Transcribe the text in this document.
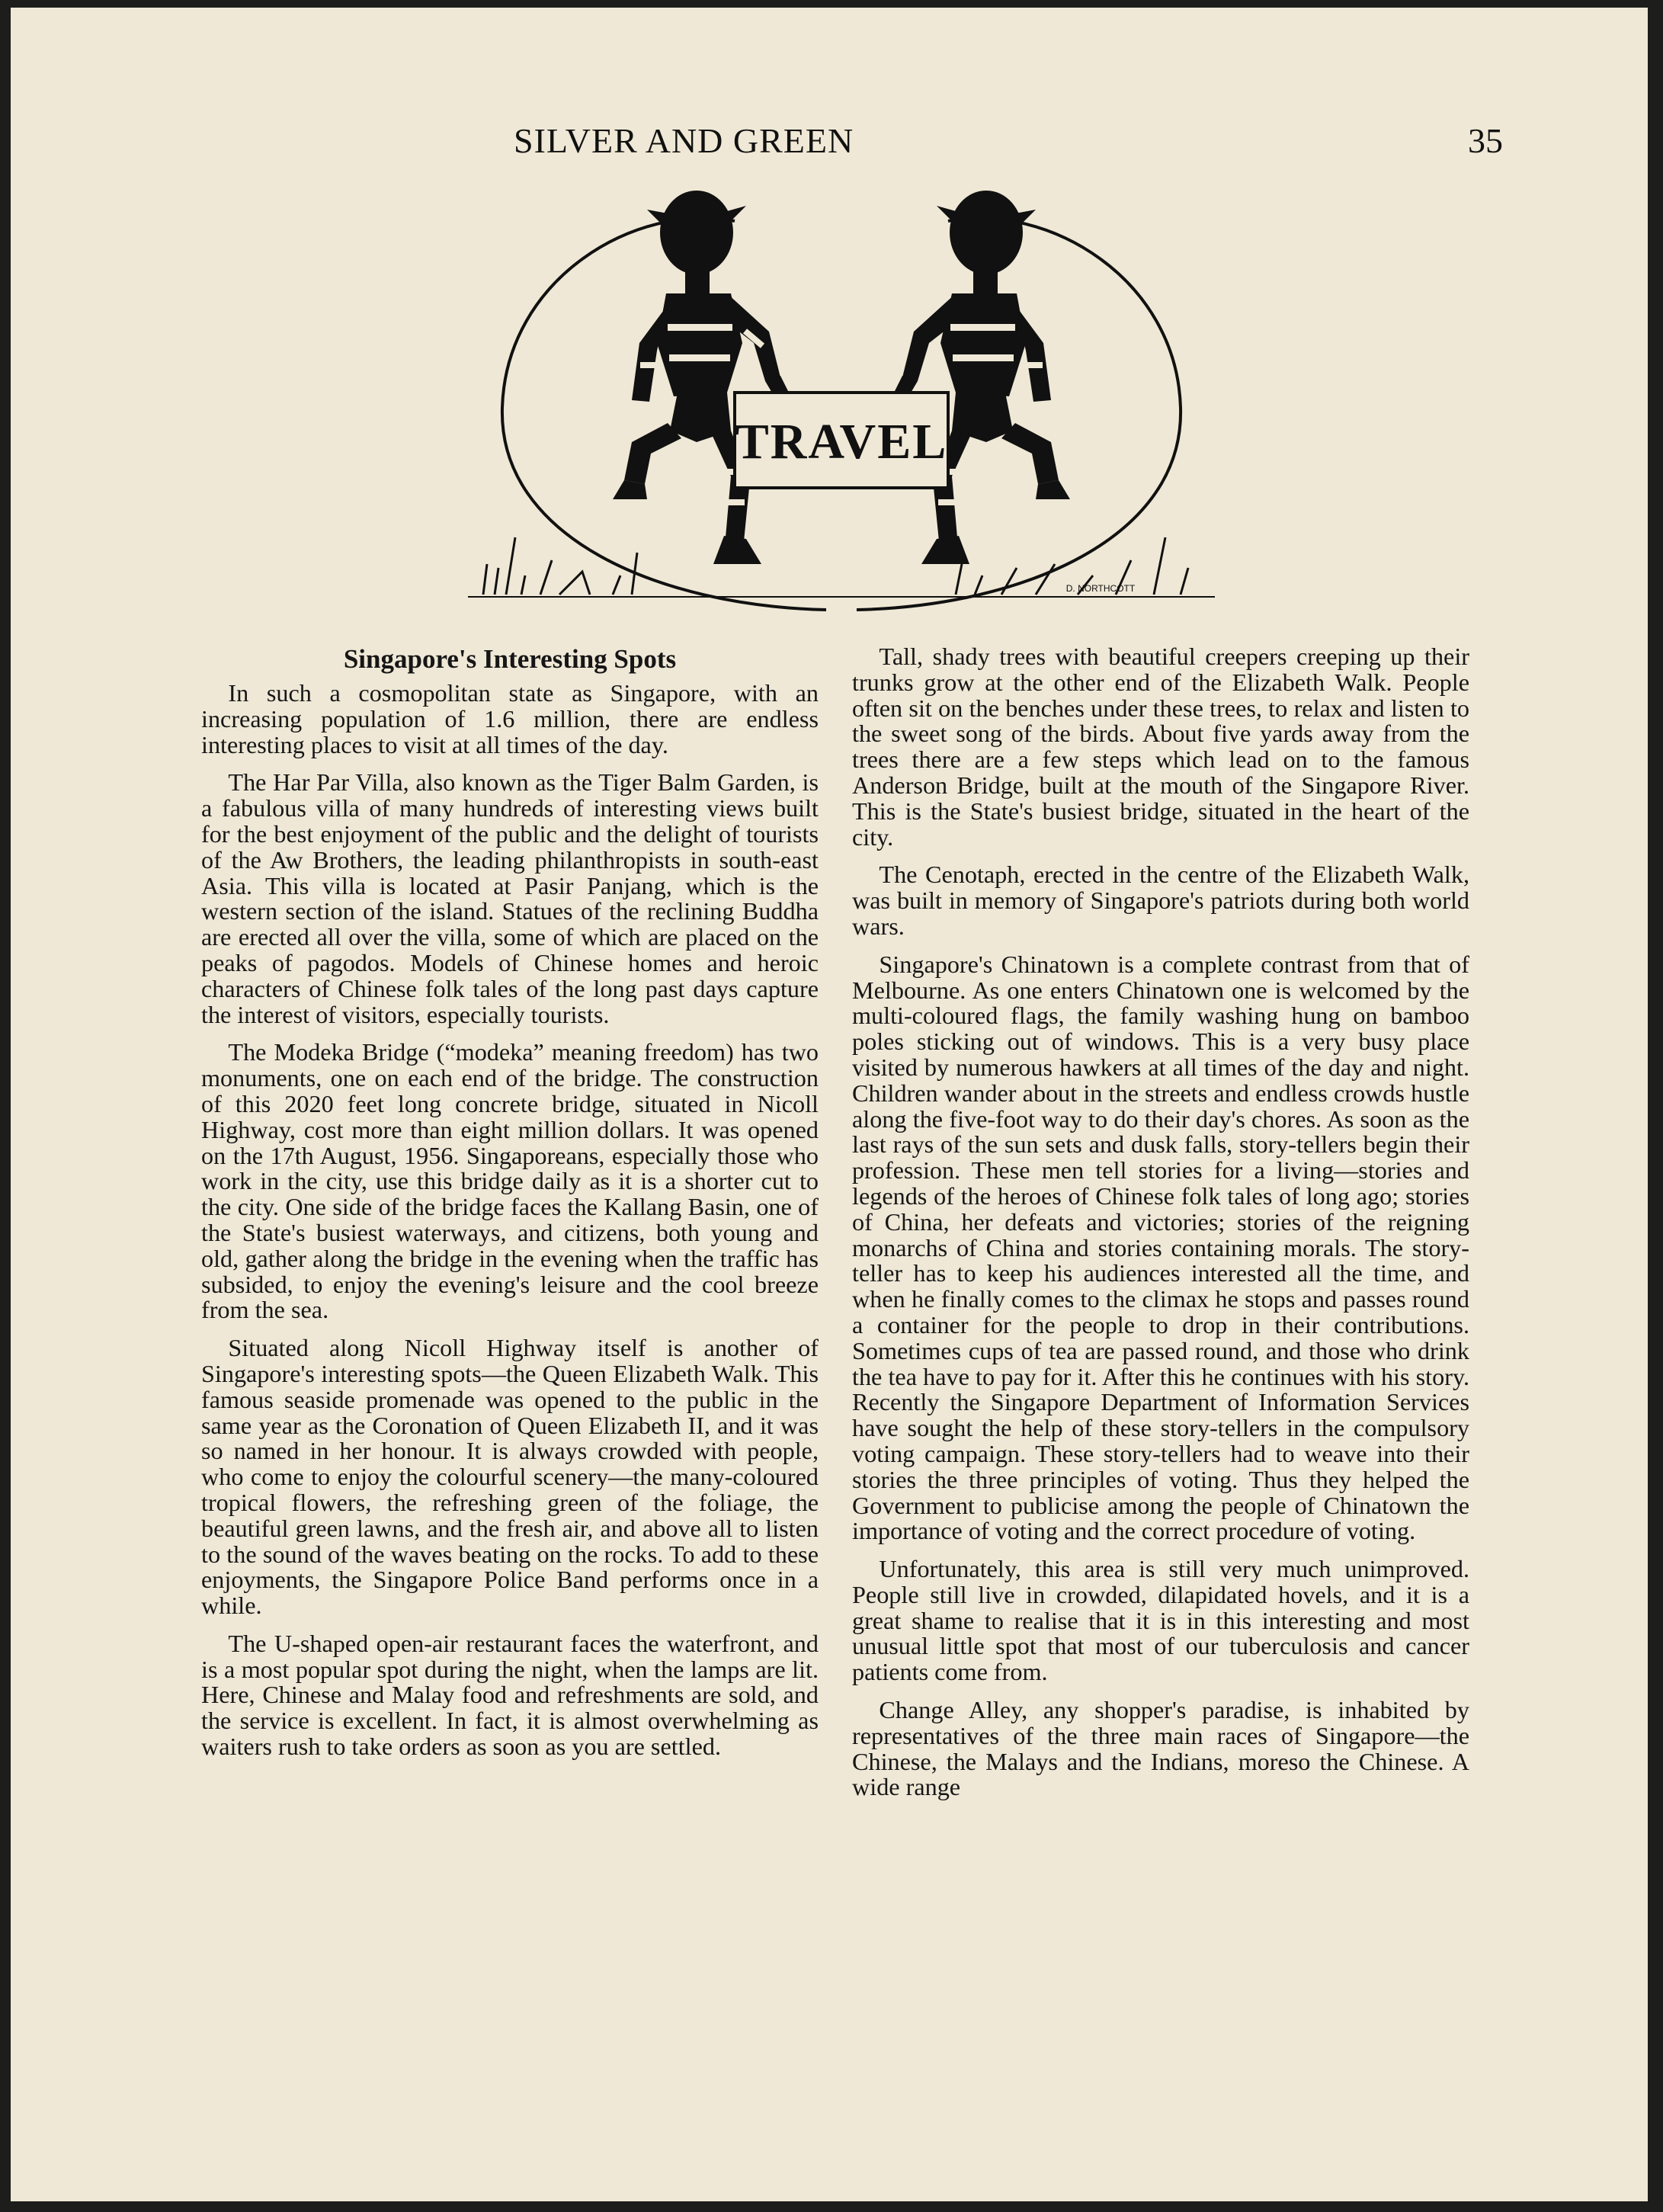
SILVER AND GREEN	35
TRAVEL
D. NORTHCOTT
Singapore's Interesting Spots

In such a cosmopolitan state as Singapore, with an increasing population of 1.6 million, there are endless interesting places to visit at all times of the day.

The Har Par Villa, also known as the Tiger Balm Garden, is a fabulous villa of many hundreds of interesting views built for the best enjoyment of the public and the delight of tourists of the Aw Brothers, the leading philanthropists in south-east Asia. This villa is located at Pasir Panjang, which is the western section of the island. Statues of the reclining Buddha are erected all over the villa, some of which are placed on the peaks of pagodos. Models of Chinese homes and heroic characters of Chinese folk tales of the long past days capture the interest of visitors, especially tourists.

The Modeka Bridge (“modeka” meaning freedom) has two monuments, one on each end of the bridge. The construction of this 2020 feet long concrete bridge, situated in Nicoll Highway, cost more than eight million dollars. It was opened on the 17th August, 1956. Singaporeans, especially those who work in the city, use this bridge daily as it is a shorter cut to the city. One side of the bridge faces the Kallang Basin, one of the State's busiest waterways, and citizens, both young and old, gather along the bridge in the evening when the traffic has subsided, to enjoy the evening's leisure and the cool breeze from the sea.

Situated along Nicoll Highway itself is another of Singapore's interesting spots—the Queen Elizabeth Walk. This famous seaside promenade was opened to the public in the same year as the Coronation of Queen Elizabeth II, and it was so named in her honour. It is always crowded with people, who come to enjoy the colourful scenery—the many-coloured tropical flowers, the refreshing green of the foliage, the beautiful green lawns, and the fresh air, and above all to listen to the sound of the waves beating on the rocks. To add to these enjoyments, the Singapore Police Band performs once in a while.

The U-shaped open-air restaurant faces the waterfront, and is a most popular spot during the night, when the lamps are lit. Here, Chinese and Malay food and refreshments are sold, and the service is excellent. In fact, it is almost overwhelming as waiters rush to take orders as soon as you are settled.

Tall, shady trees with beautiful creepers creeping up their trunks grow at the other end of the Elizabeth Walk. People often sit on the benches under these trees, to relax and listen to the sweet song of the birds. About five yards away from the trees there are a few steps which lead on to the famous Anderson Bridge, built at the mouth of the Singapore River. This is the State's busiest bridge, situated in the heart of the city.

The Cenotaph, erected in the centre of the Elizabeth Walk, was built in memory of Singapore's patriots during both world wars.

Singapore's Chinatown is a complete contrast from that of Melbourne. As one enters Chinatown one is welcomed by the multi-coloured flags, the family washing hung on bamboo poles sticking out of windows. This is a very busy place visited by numerous hawkers at all times of the day and night. Children wander about in the streets and endless crowds hustle along the five-foot way to do their day's chores. As soon as the last rays of the sun sets and dusk falls, story-tellers begin their profession. These men tell stories for a living—stories and legends of the heroes of Chinese folk tales of long ago; stories of China, her defeats and victories; stories of the reigning monarchs of China and stories containing morals. The story-teller has to keep his audiences interested all the time, and when he finally comes to the climax he stops and passes round a container for the people to drop in their contributions. Sometimes cups of tea are passed round, and those who drink the tea have to pay for it. After this he continues with his story. Recently the Singapore Department of Information Services have sought the help of these story-tellers in the compulsory voting campaign. These story-tellers had to weave into their stories the three principles of voting. Thus they helped the Government to publicise among the people of Chinatown the importance of voting and the correct procedure of voting.

Unfortunately, this area is still very much unimproved. People still live in crowded, dilapidated hovels, and it is a great shame to realise that it is in this interesting and most unusual little spot that most of our tuberculosis and cancer patients come from.

Change Alley, any shopper's paradise, is inhabited by representatives of the three main races of Singapore—the Chinese, the Malays and the Indians, moreso the Chinese. A wide range
